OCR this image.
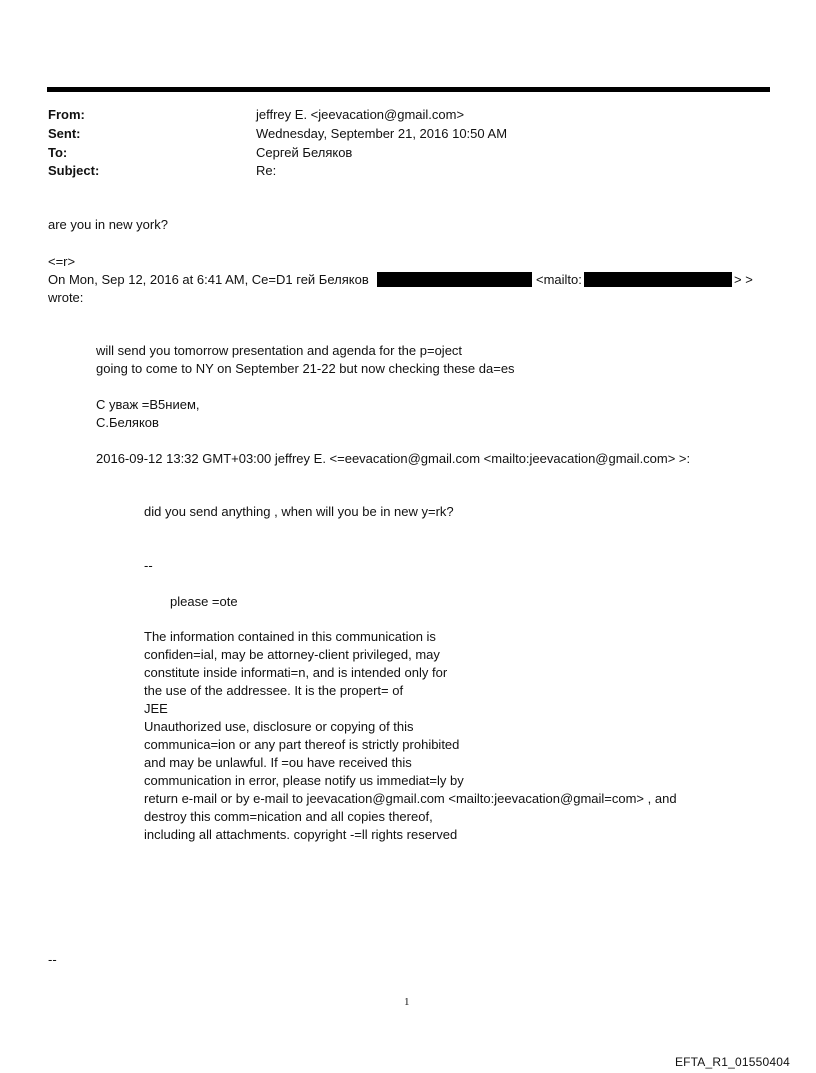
From:	jeffrey E. <jeevacation@gmail.com>
Sent:	Wednesday, September 21, 2016 10:50 AM
To:	Сергей Беляков
Subject:	Re:
are you in new york?
<=r>
On Mon, Sep 12, 2016 at 6:41 AM, Ce=D1 гей Беляков	<mailto:	> >
wrote:
will send you tomorrow presentation and agenda for the p=oject
going to come to NY on September 21-22 but now checking these da=es
С уваж =B5нием,
С.Беляков
2016-09-12 13:32 GMT+03:00 jeffrey E. <=eevacation@gmail.com <mailto:jeevacation@gmail.com> >:
did you send anything , when will you be in new y=rk?
--
please =ote
The information contained in this communication is
confiden=ial, may be attorney-client privileged, may
constitute inside informati=n, and is intended only for
the use of the addressee. It is the propert= of
JEE
Unauthorized use, disclosure or copying of this
communica=ion or any part thereof is strictly prohibited
and may be unlawful. If =ou have received this
communication in error, please notify us immediat=ly by
return e-mail or by e-mail to jeevacation@gmail.com <mailto:jeevacation@gmail=com> , and
destroy this comm=nication and all copies thereof,
including all attachments. copyright -=ll rights reserved
--
1
EFTA_R1_01550404
